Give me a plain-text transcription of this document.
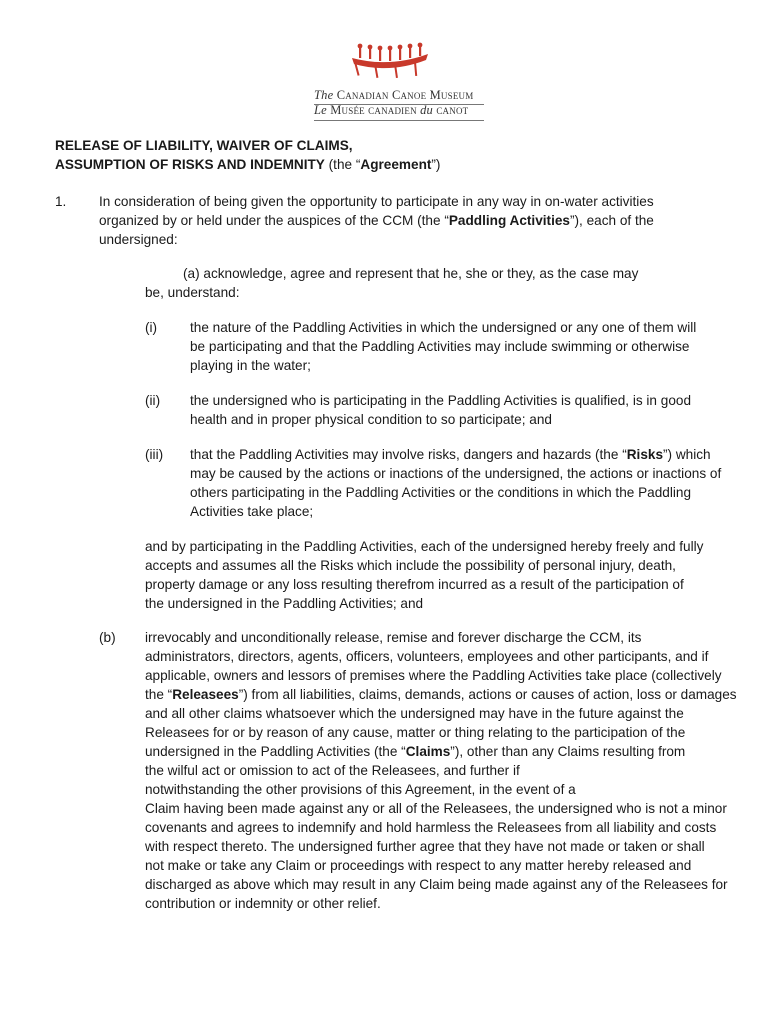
The Canadian Canoe Museum
Le Musée canadien du canot
RELEASE OF LIABILITY, WAIVER OF CLAIMS,
ASSUMPTION OF RISKS AND INDEMNITY (the “Agreement”)
1. In consideration of being given the opportunity to participate in any way in on-water activities
organized by or held under the auspices of the CCM (the “Paddling Activities”), each of the
undersigned:
(a) acknowledge, agree and represent that he, she or they, as the case may
be, understand:
(i) the nature of the Paddling Activities in which the undersigned or any one of them will
be participating and that the Paddling Activities may include swimming or otherwise
playing in the water;
(ii) the undersigned who is participating in the Paddling Activities is qualified, is in good
health and in proper physical condition to so participate; and
(iii) that the Paddling Activities may involve risks, dangers and hazards (the “Risks”) which
may be caused by the actions or inactions of the undersigned, the actions or inactions of
others participating in the Paddling Activities or the conditions in which the Paddling
Activities take place;
and by participating in the Paddling Activities, each of the undersigned hereby freely and fully
accepts and assumes all the Risks which include the possibility of personal injury, death,
property damage or any loss resulting therefrom incurred as a result of the participation of
the undersigned in the Paddling Activities; and
(b) irrevocably and unconditionally release, remise and forever discharge the CCM, its
administrators, directors, agents, officers, volunteers, employees and other participants, and if
applicable, owners and lessors of premises where the Paddling Activities take place (collectively
the “Releasees”) from all liabilities, claims, demands, actions or causes of action, loss or damages
and all other claims whatsoever which the undersigned may have in the future against the
Releasees for or by reason of any cause, matter or thing relating to the participation of the
undersigned in the Paddling Activities (the “Claims”), other than any Claims resulting from
the wilful act or omission to act of the Releasees, and further if
notwithstanding the other provisions of this Agreement, in the event of a
Claim having been made against any or all of the Releasees, the undersigned who is not a minor
covenants and agrees to indemnify and hold harmless the Releasees from all liability and costs
with respect thereto. The undersigned further agree that they have not made or taken or shall
not make or take any Claim or proceedings with respect to any matter hereby released and
discharged as above which may result in any Claim being made against any of the Releasees for
contribution or indemnity or other relief.
